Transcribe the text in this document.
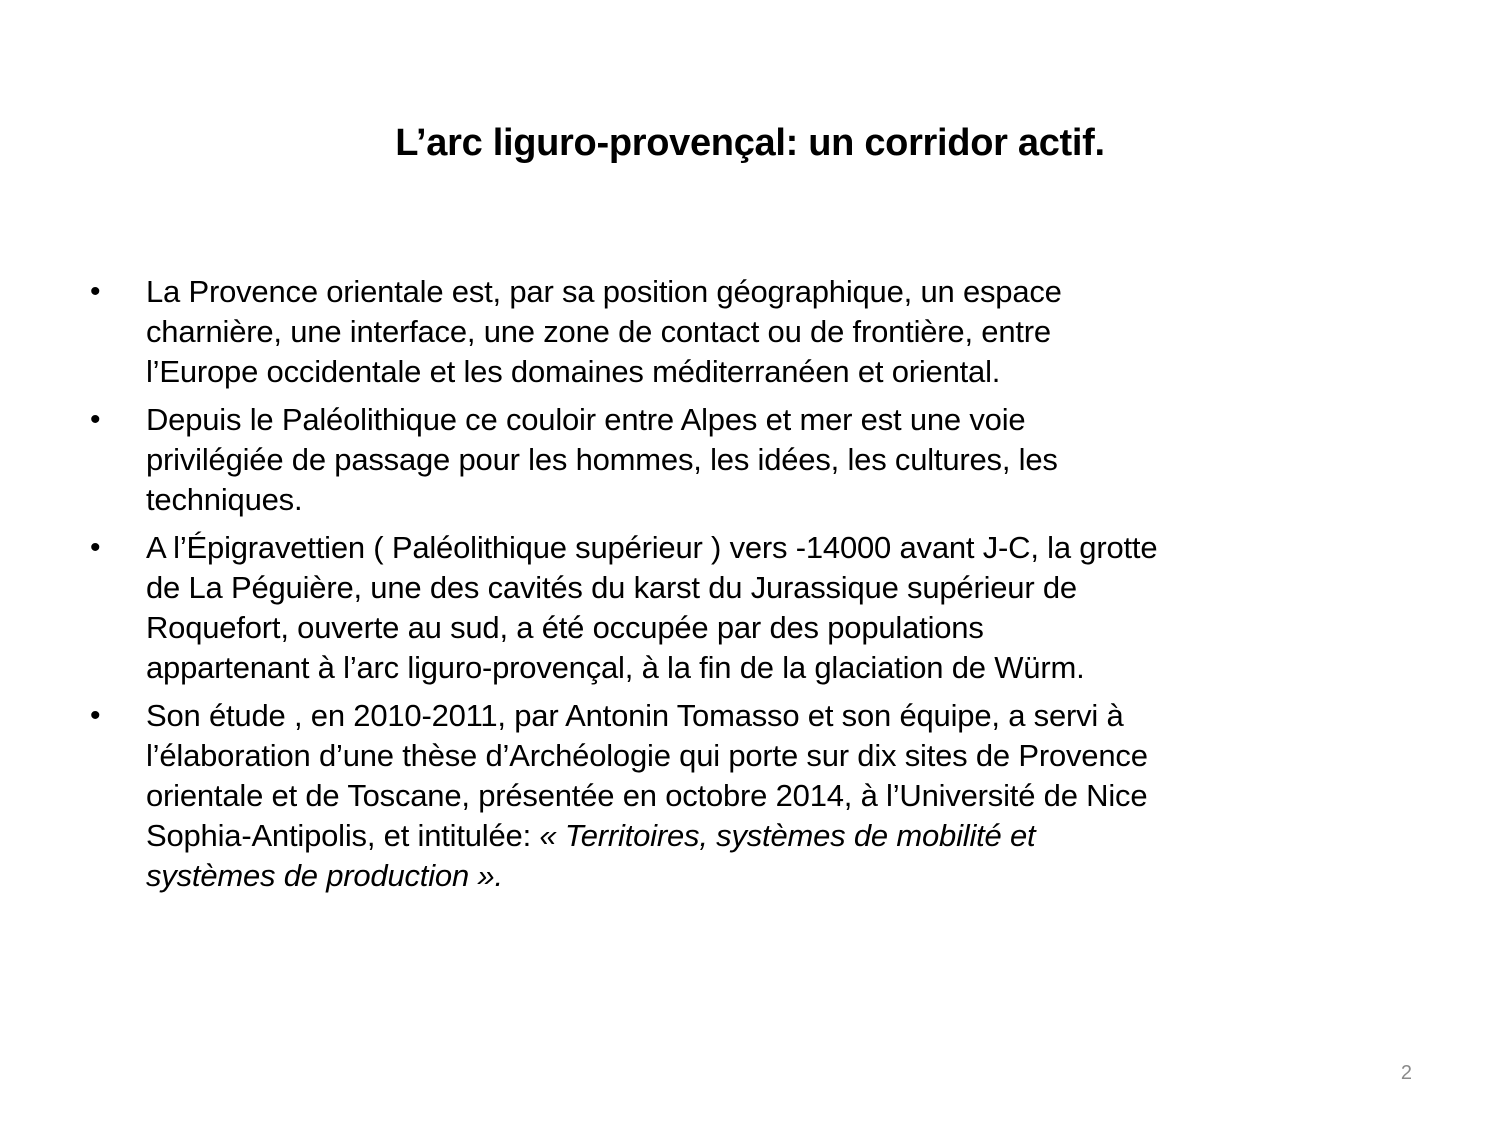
L’arc liguro-provençal: un corridor actif.
•	La Provence orientale est, par sa position géographique, un espace
charnière, une interface, une zone de contact ou de frontière, entre
l’Europe occidentale et les domaines méditerranéen et oriental.
•	Depuis le Paléolithique ce couloir entre Alpes et mer est une voie
privilégiée de passage pour les hommes, les idées, les cultures, les
techniques.
•	A l’Épigravettien ( Paléolithique supérieur ) vers -14000 avant J-C, la grotte
de La Péguière, une des cavités du karst du Jurassique supérieur de
Roquefort, ouverte au sud, a été occupée par des populations
appartenant à l’arc liguro-provençal, à la fin de la glaciation de Würm.
•	Son étude , en 2010-2011, par Antonin Tomasso et son équipe, a servi à
l’élaboration d’une thèse d’Archéologie qui porte sur dix sites de Provence
orientale et de Toscane, présentée en octobre 2014, à l’Université de Nice
Sophia-Antipolis, et intitulée: « Territoires, systèmes de mobilité et
systèmes de production ».
2
